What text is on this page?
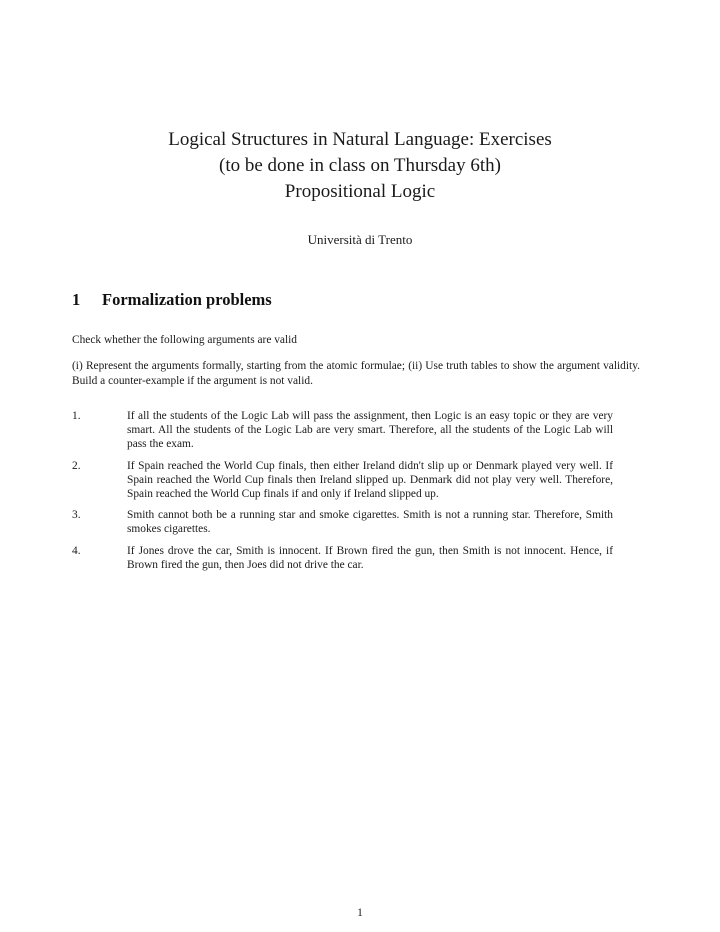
Logical Structures in Natural Language: Exercises
(to be done in class on Thursday 6th)
Propositional Logic
Università di Trento
1 Formalization problems
Check whether the following arguments are valid
(i) Represent the arguments formally, starting from the atomic formulae; (ii) Use truth tables to show the argument validity. Build a counter-example if the argument is not valid.
1.	If all the students of the Logic Lab will pass the assignment, then Logic is an easy topic or they are very smart. All the students of the Logic Lab are very smart. Therefore, all the students of the Logic Lab will pass the exam.
2.	If Spain reached the World Cup finals, then either Ireland didn't slip up or Denmark played very well. If Spain reached the World Cup finals then Ireland slipped up. Denmark did not play very well. Therefore, Spain reached the World Cup finals if and only if Ireland slipped up.
3.	Smith cannot both be a running star and smoke cigarettes. Smith is not a running star. Therefore, Smith smokes cigarettes.
4.	If Jones drove the car, Smith is innocent. If Brown fired the gun, then Smith is not innocent. Hence, if Brown fired the gun, then Joes did not drive the car.
1
